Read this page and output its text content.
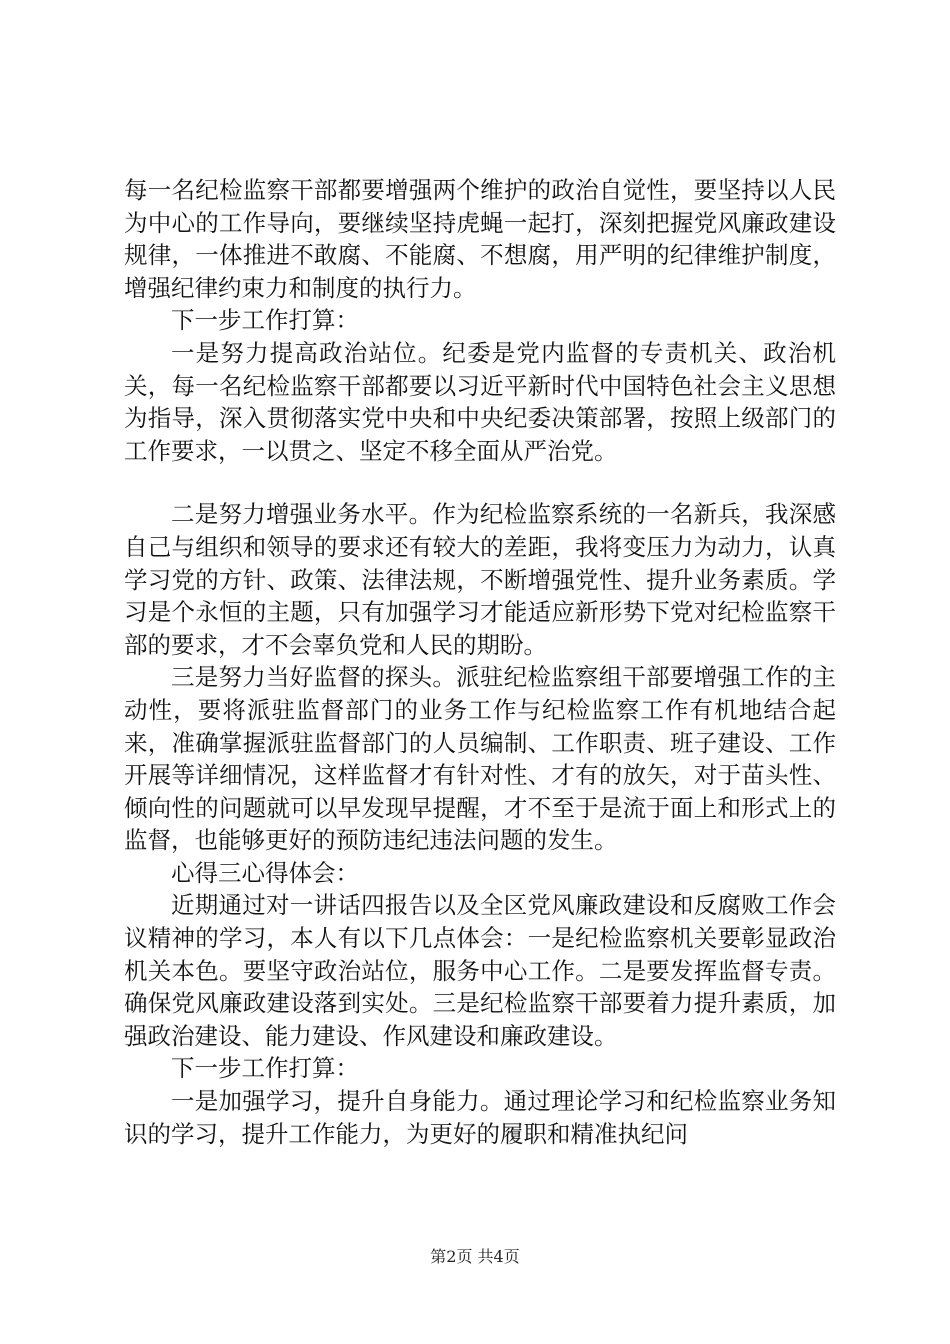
每一名纪检监察干部都要增强两个维护的政治自觉性，要坚持以人民为中心的工作导向，要继续坚持虎蝇一起打，深刻把握党风廉政建设规律，一体推进不敢腐、不能腐、不想腐，用严明的纪律维护制度，增强纪律约束力和制度的执行力。

下一步工作打算：

一是努力提高政治站位。纪委是党内监督的专责机关、政治机关，每一名纪检监察干部都要以习近平新时代中国特色社会主义思想为指导，深入贯彻落实党中央和中央纪委决策部署，按照上级部门的工作要求，一以贯之、坚定不移全面从严治党。

二是努力增强业务水平。作为纪检监察系统的一名新兵，我深感自己与组织和领导的要求还有较大的差距，我将变压力为动力，认真学习党的方针、政策、法律法规，不断增强党性、提升业务素质。学习是个永恒的主题，只有加强学习才能适应新形势下党对纪检监察干部的要求，才不会辜负党和人民的期盼。

三是努力当好监督的探头。派驻纪检监察组干部要增强工作的主动性，要将派驻监督部门的业务工作与纪检监察工作有机地结合起来，准确掌握派驻监督部门的人员编制、工作职责、班子建设、工作开展等详细情况，这样监督才有针对性、才有的放矢，对于苗头性、倾向性的问题就可以早发现早提醒，才不至于是流于面上和形式上的监督，也能够更好的预防违纪违法问题的发生。

心得三心得体会：

近期通过对一讲话四报告以及全区党风廉政建设和反腐败工作会议精神的学习，本人有以下几点体会：一是纪检监察机关要彰显政治机关本色。要坚守政治站位，服务中心工作。二是要发挥监督专责。确保党风廉政建设落到实处。三是纪检监察干部要着力提升素质，加强政治建设、能力建设、作风建设和廉政建设。

下一步工作打算：

一是加强学习，提升自身能力。通过理论学习和纪检监察业务知识的学习，提升工作能力，为更好的履职和精准执纪问

第2页 共4页
